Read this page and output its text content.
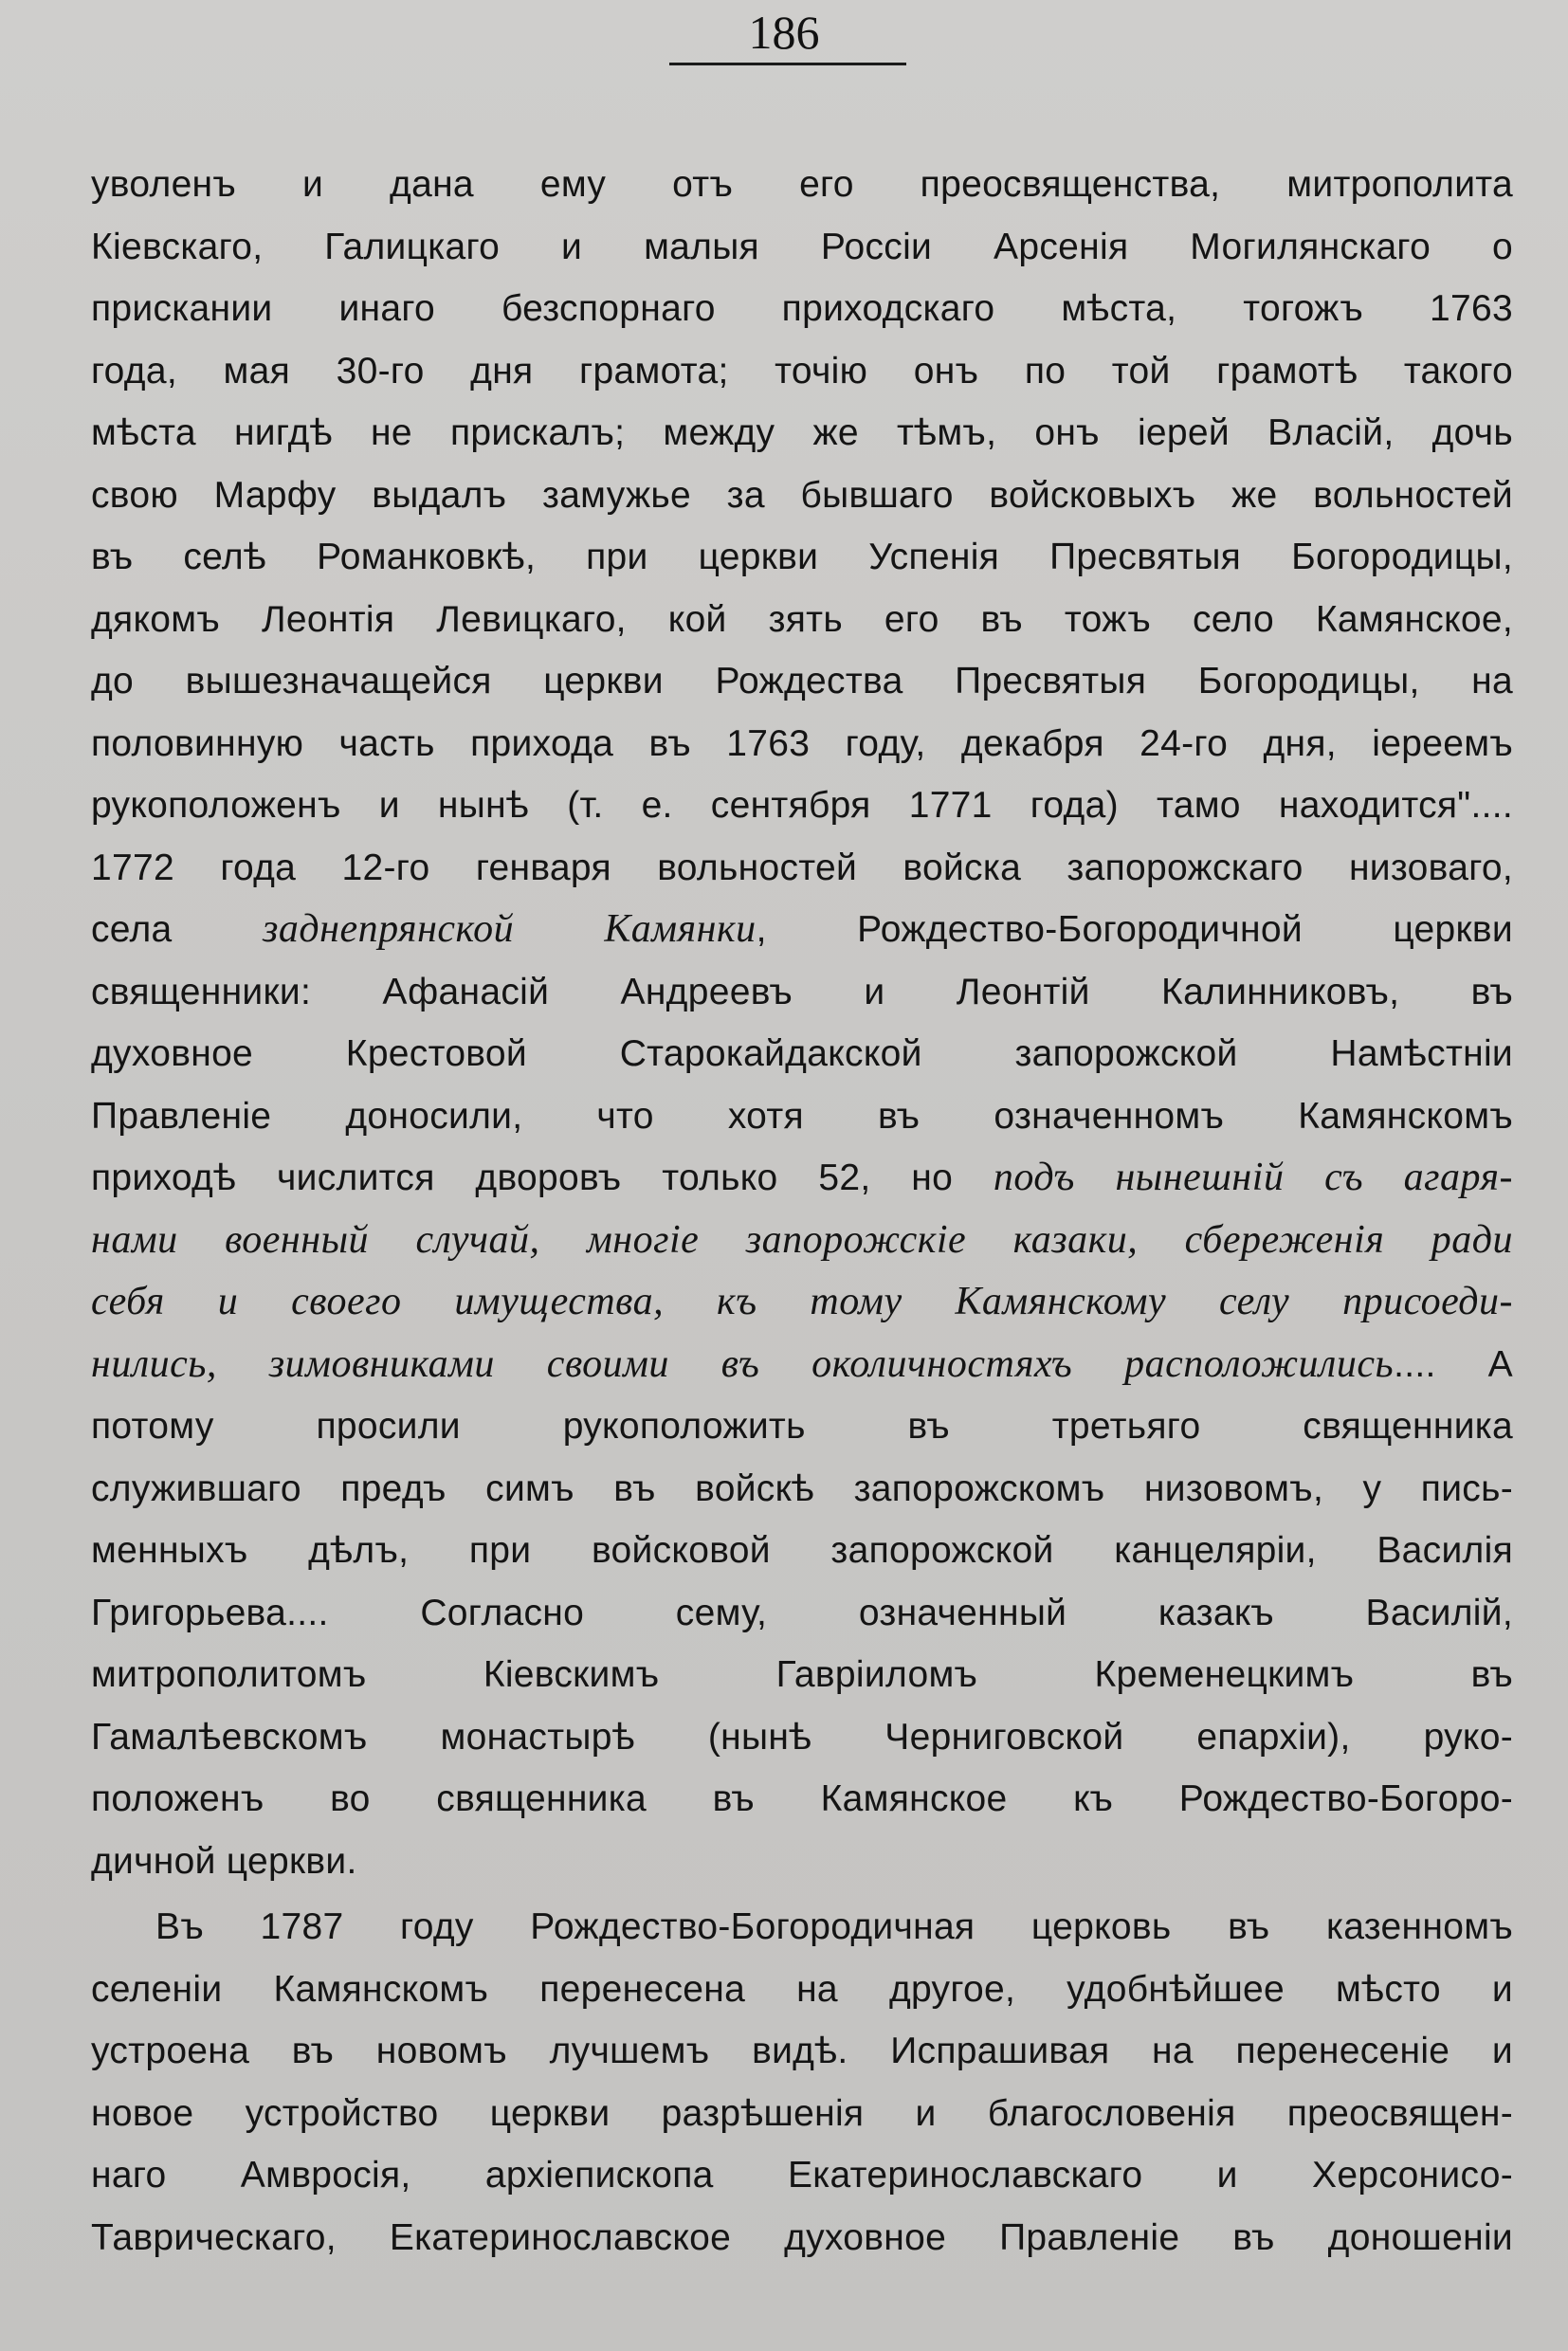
186
уволенъ и дана ему отъ его преосвященства, митрополита
Кіевскаго, Галицкаго и малыя Россіи Арсенія Могилянскаго о
прискании инаго безспорнаго приходскаго мѣста, тогожъ 1763
года, мая 30-го дня грамота; точію онъ по той грамотѣ такого
мѣста нигдѣ не прискалъ; между же тѣмъ, онъ іерей Власій, дочь
свою Марфу выдалъ замужье за бывшаго войсковыхъ же вольностей
въ селѣ Романковкѣ, при церкви Успенія Пресвятыя Богородицы,
дякомъ Леонтія Левицкаго, кой зять его въ тожъ село Камянское,
до вышезначащейся церкви Рождества Пресвятыя Богородицы, на
половинную часть прихода въ 1763 году, декабря 24-го дня, іереемъ
рукоположенъ и нынѣ (т. е. сентября 1771 года) тамо находится"....
1772 года 12-го генваря вольностей войска запорожскаго низоваго,
села заднепрянской Камянки, Рождество-Богородичной церкви
священники: Афанасій Андреевъ и Леонтій Калинниковъ, въ
духовное Крестовой Старокайдакской запорожской Намѣстніи
Правленіе доносили, что хотя въ означенномъ Камянскомъ
приходѣ числится дворовъ только 52, но подъ нынешній съ агаря-
нами военный случай, многіе запорожскіе казаки, сбереженія ради
себя и своего имущества, къ тому Камянскому селу присоеди-
нились, зимовниками своими въ околичностяхъ расположились.... А
потому просили рукоположить въ третьяго священника
служившаго предъ симъ въ войскѣ запорожскомъ низовомъ, у пись-
менныхъ дѣлъ, при войсковой запорожской канцеляріи, Василія
Григорьева.... Согласно сему, означенный казакъ Василій,
митрополитомъ Кіевскимъ Гавріиломъ Кременецкимъ въ
Гамалѣевскомъ монастырѣ (нынѣ Черниговской епархіи), руко-
положенъ во священника въ Камянское къ Рождество-Богоро-
дичной церкви.
Въ 1787 году Рождество-Богородичная церковь въ казенномъ
селеніи Камянскомъ перенесена на другое, удобнѣйшее мѣсто и
устроена въ новомъ лучшемъ видѣ. Испрашивая на перенесеніе и
новое устройство церкви разрѣшенія и благословенія преосвящен-
наго Амвросія, архіепископа Екатеринославскаго и Херсонисо-
Таврическаго, Екатеринославское духовное Правленіе въ доношеніи
